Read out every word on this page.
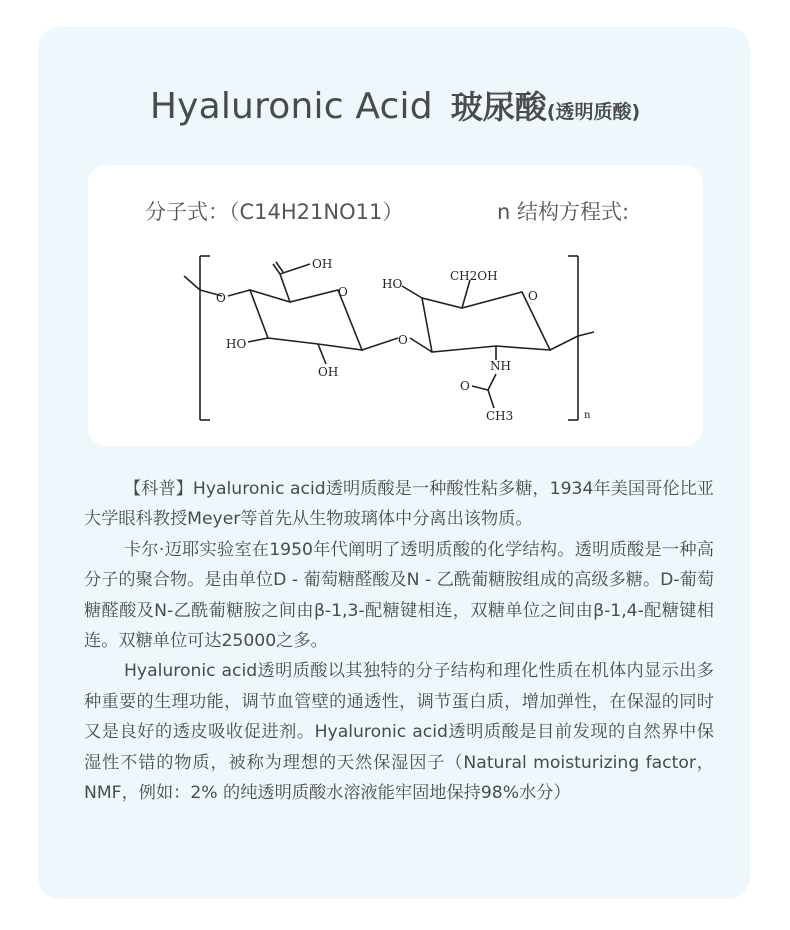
Hyaluronic Acid 玻尿酸(透明质酸)
分子式：（C14H21NO11）	n 结构方程式:
O
OH
O
HO
OH
O
HO
CH2OH
O
NH
O
CH3	n

【科普】Hyaluronic acid透明质酸是一种酸性粘多糖，1934年美国哥伦比亚大学眼科教授Meyer等首先从生物玻璃体中分离出该物质。

卡尔·迈耶实验室在1950年代阐明了透明质酸的化学结构。透明质酸是一种高分子的聚合物。是由单位D - 葡萄糖醛酸及N - 乙酰葡糖胺组成的高级多糖。D-葡萄糖醛酸及N-乙酰葡糖胺之间由β-1,3-配糖键相连，双糖单位之间由β-1,4-配糖键相连。双糖单位可达25000之多。

Hyaluronic acid透明质酸以其独特的分子结构和理化性质在机体内显示出多种重要的生理功能，调节血管壁的通透性，调节蛋白质，增加弹性，在保湿的同时又是良好的透皮吸收促进剂。Hyaluronic acid透明质酸是目前发现的自然界中保湿性不错的物质，被称为理想的天然保湿因子（Natural moisturizing factor，NMF，例如：2% 的纯透明质酸水溶液能牢固地保持98%水分）
